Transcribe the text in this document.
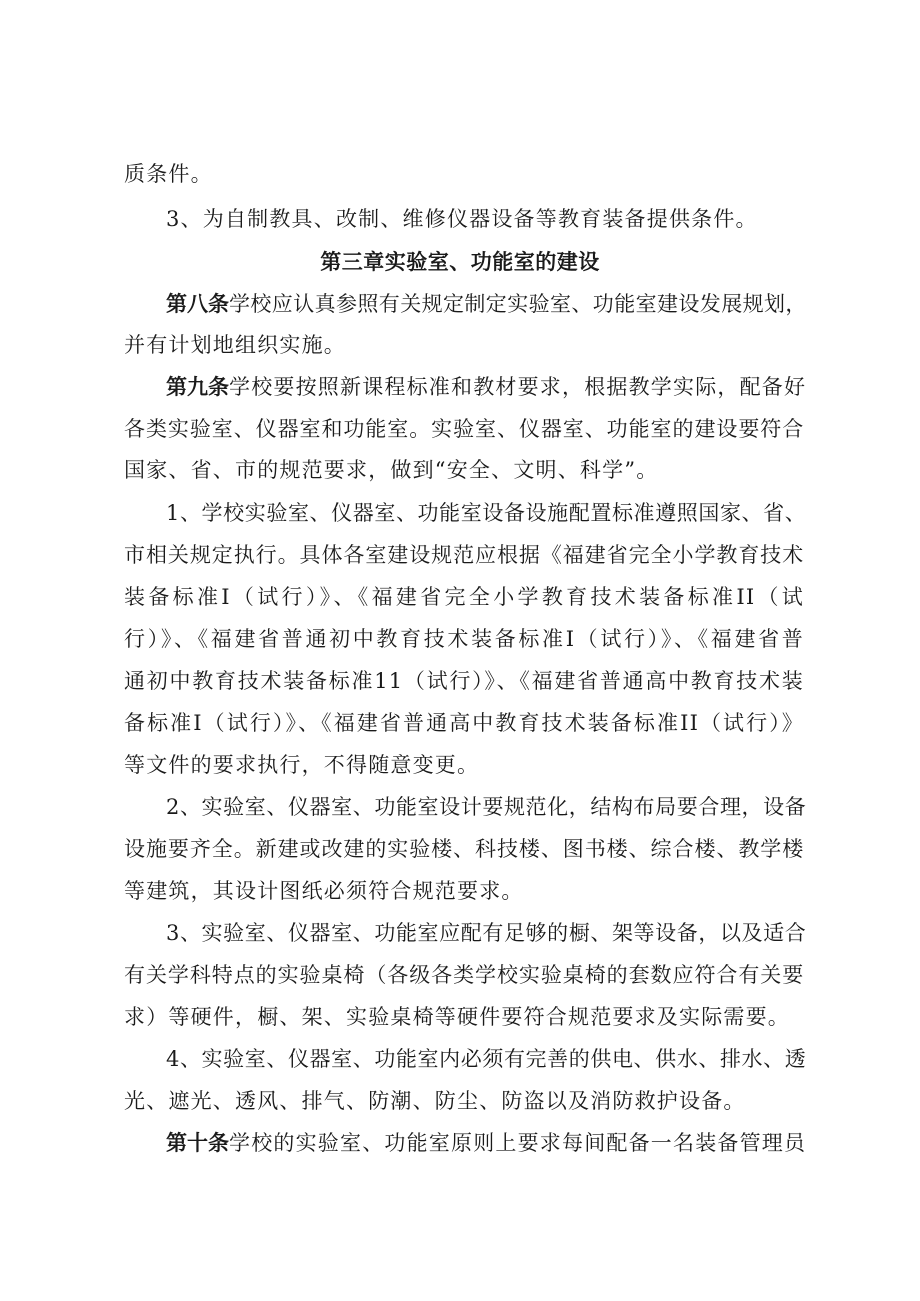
质条件。
3、为自制教具、改制、维修仪器设备等教育装备提供条件。
第三章实验室、功能室的建设
第八条学校应认真参照有关规定制定实验室、功能室建设发展规划，
并有计划地组织实施。
第九条学校要按照新课程标准和教材要求，根据教学实际，配备好
各类实验室、仪器室和功能室。实验室、仪器室、功能室的建设要符合
国家、省、市的规范要求，做到“安全、文明、科学”。
1、学校实验室、仪器室、功能室设备设施配置标准遵照国家、省、
市相关规定执行。具体各室建设规范应根据《福建省完全小学教育技术
装备标准I（试行）》、《福建省完全小学教育技术装备标准II（试
行）》、《福建省普通初中教育技术装备标准I（试行）》、《福建省普
通初中教育技术装备标准11（试行）》、《福建省普通高中教育技术装
备标准I（试行）》、《福建省普通高中教育技术装备标准II（试行）》
等文件的要求执行，不得随意变更。
2、实验室、仪器室、功能室设计要规范化，结构布局要合理，设备
设施要齐全。新建或改建的实验楼、科技楼、图书楼、综合楼、教学楼
等建筑，其设计图纸必须符合规范要求。
3、实验室、仪器室、功能室应配有足够的橱、架等设备，以及适合
有关学科特点的实验桌椅（各级各类学校实验桌椅的套数应符合有关要
求）等硬件，橱、架、实验桌椅等硬件要符合规范要求及实际需要。
4、实验室、仪器室、功能室内必须有完善的供电、供水、排水、透
光、遮光、透风、排气、防潮、防尘、防盗以及消防救护设备。
第十条学校的实验室、功能室原则上要求每间配备一名装备管理员
